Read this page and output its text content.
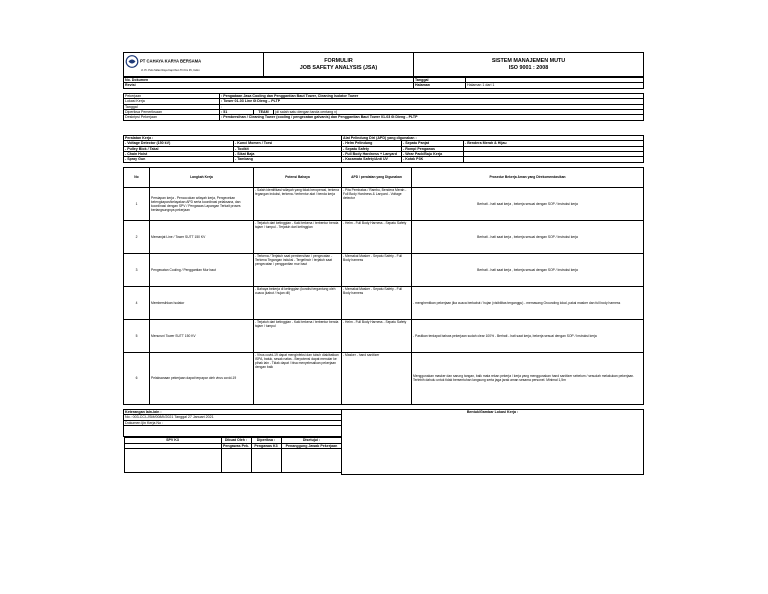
PT CAHAYA KARYA BERSAMA
Jl. Pr. Pulo Sidan Raya Kapt Ibun Tiri Km 45, Indon	FORMULIR
JOB SAFETY ANALYSIS (JSA)	SISTEM MANAJEMEN MUTU
ISO 9001 : 2008
No. Dokumen	Tanggal	
Revisi	Halaman	Halaman 1 dari 1
Pekerjaan	: Pengadaan Jasa Cooling dan Penggantian Baut Tower, Cleaning Isolator Tower		
Lokasi Kerja	: Tower 01-03 Line 6t Dieng – PLTP		
Tanggal	:		
Diperiksa Pemeriksaan	: 51	TEAM	(di salah satu dengan tanda centang v)
Deskripsi Pekerjaan	: Pembersihan / Cleaning Tower (cooling / pengecatan galvanis) dan Penggantian Baut Tower 01-03 6t Dieng - PLTP		
Peralatan Kerja :		Alat Pelindung Diri (APD) yang digunakan :		
- Voltage Detector (150 kV)	- Kunci Momen / Torsi	- Helm Pelindung	- Sepatu Panjat	- Bendera Merah & Hijau
- Pulley Blok / Takal	- Toolkit	- Sepatu Safety	- Rompi Pengawas	
- Chain Hoist	- Sikat Baja	- Full Body Hardness + Lanyard	- Wear Pack/Baju Kerja	
- Spray Gun	- Tambang	- Kacamata Safety/Anti UV	- Kotak P3K	
No	Langkah Kerja	Potensi Bahaya	APD / peralatan yang Digunakan	Prosedur Bekerja Aman yang Direkomendasikan
1	Persiapan kerja - Pencocokan wilayah kerja, Pengecekan kelengkapan/kelayakan APD serta koordinasi pelaksana, dan koordinasi dengan SPV / Pengawas Lapangan Terkait proses berlangsungnya pekerjaan	- Salah identifikasi wilayah yang tidak beroperasi, terkena tegangan induksi, terkena / terbentur alat / benda kerja	- Pita Pembatas / Rambu, Bendera Merah - Full Body Hardness & Lanyard - Voltage detector	Berhati - hati saat kerja , bekerja sesuai dengan SOP / Instruksi kerja
2	Memanjat Line / Tower SUTT 150 KV	- Terjatuh dari ketinggian - Kaki terkena / terbentur benda tajam / tumpul - Terjatuh dari ketinggian	- Helm - Full Body Harness - Sepatu Safety	Berhati - hati saat kerja , bekerja sesuai dengan SOP / Instruksi kerja
3	Pengecatan Cooling / Penggantian Mur baut	- Terkena / Terjatuh saat pembersihan / pengecatan - Terkena Tegangan induksi - Tergelincir / terjatuh saat pengecatan / penggantian mur baut	- Memakai Masker - Sepatu Safety - Full Body harness	Berhati - hati saat kerja , bekerja sesuai dengan SOP / Instruksi kerja
4	Membersihkan Isolator	- Bahaya bekerja di ketinggian (kondisi tergantung oleh cuaca (kabut / hujan dll)	- Memakai Masker - Sepatu Safety - Full Body harness	- menghentikan pekerjaan jika cuaca berkabut / hujan (visibilitas terganggu) - memasang Grounding lokal, pakai masker dan full body harness
5	Menuruni Tower SUTT 150 KV	- Terjatuh dari ketinggian - Kaki terkena / terbentur benda tajam / tumpul	- Helm - Full Body Harness - Sepatu Safety	- Pastikan terdapat bahwa pekerjaan sudah clear 100% - Berhati - hati saat kerja, bekerja sesuai dengan SOP / Instruksi kerja
6	Pelaksanaan pekerjaan dapat terpapar oleh virus covid-19	- Virus covid-19 dapat menginfeksi dan tubuh diakibatkan ISPA, batuk, sesak nafas - Berpotensi dapat menular ke pihak lain - Tidak dapat / bisa menyelesaikan pekerjaan dengan baik	- Masker - hand sanitizer	Menggunakan masker dan sarung tangan, baik mata rekan pekerja / kerja yang menggunakan hand sanitizer sebelum / sesudah melakukan pekerjaan. Terlebih dahulu untuk tidak bersentuhan langsung serta jaga jarak aman sesama personel. Minimal 1,5m
Keterangan lain-lain :	Bentuk/Gambar Lokasi Kerja :
No.: 003-CCI-JSM/008/II/2021 Tanggal 27 Januari 2021
Dokumen Ijin Kerja No :

SPV K3	Dibuat Oleh :	Diperiksa :	Disetujui :
	Pengawas Pek.	Pengawas K3	Penanggung Jawab Pekerjaan
